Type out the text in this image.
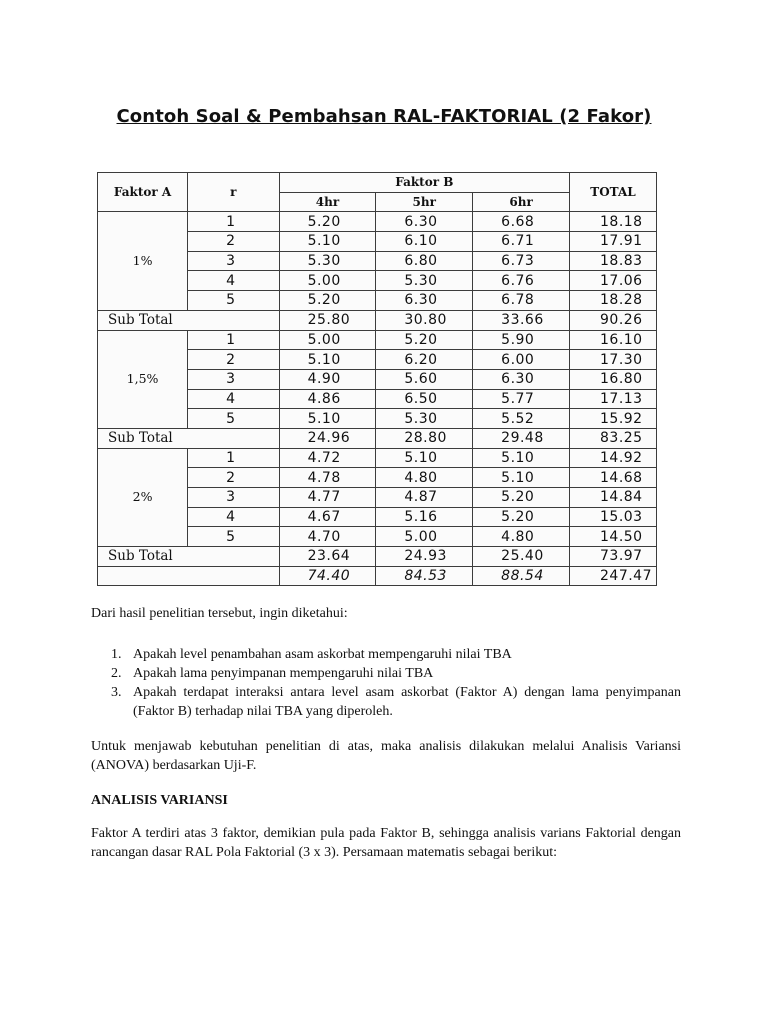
Contoh Soal & Pembahsan RAL-FAKTORIAL (2 Fakor)
Faktor A	r	Faktor B			TOTAL
		4hr	5hr	6hr	
1%	1	5.20	6.30	6.68	18.18
	2	5.10	6.10	6.71	17.91
	3	5.30	6.80	6.73	18.83
	4	5.00	5.30	6.76	17.06
	5	5.20	6.30	6.78	18.28
Sub Total		25.80	30.80	33.66	90.26
1,5%	1	5.00	5.20	5.90	16.10
	2	5.10	6.20	6.00	17.30
	3	4.90	5.60	6.30	16.80
	4	4.86	6.50	5.77	17.13
	5	5.10	5.30	5.52	15.92
Sub Total		24.96	28.80	29.48	83.25
2%	1	4.72	5.10	5.10	14.92
	2	4.78	4.80	5.10	14.68
	3	4.77	4.87	5.20	14.84
	4	4.67	5.16	5.20	15.03
	5	4.70	5.00	4.80	14.50
Sub Total		23.64	24.93	25.40	73.97
		74.40	84.53	88.54	247.47

Dari hasil penelitian tersebut, ingin diketahui:

1. Apakah level penambahan asam askorbat mempengaruhi nilai TBA
2. Apakah lama penyimpanan mempengaruhi nilai TBA
3. Apakah terdapat interaksi antara level asam askorbat (Faktor A) dengan lama penyimpanan (Faktor B) terhadap nilai TBA yang diperoleh.

Untuk menjawab kebutuhan penelitian di atas, maka analisis dilakukan melalui Analisis Variansi (ANOVA) berdasarkan Uji-F.

ANALISIS VARIANSI

Faktor A terdiri atas 3 faktor, demikian pula pada Faktor B, sehingga analisis varians Faktorial dengan rancangan dasar RAL Pola Faktorial (3 x 3). Persamaan matematis sebagai berikut:
